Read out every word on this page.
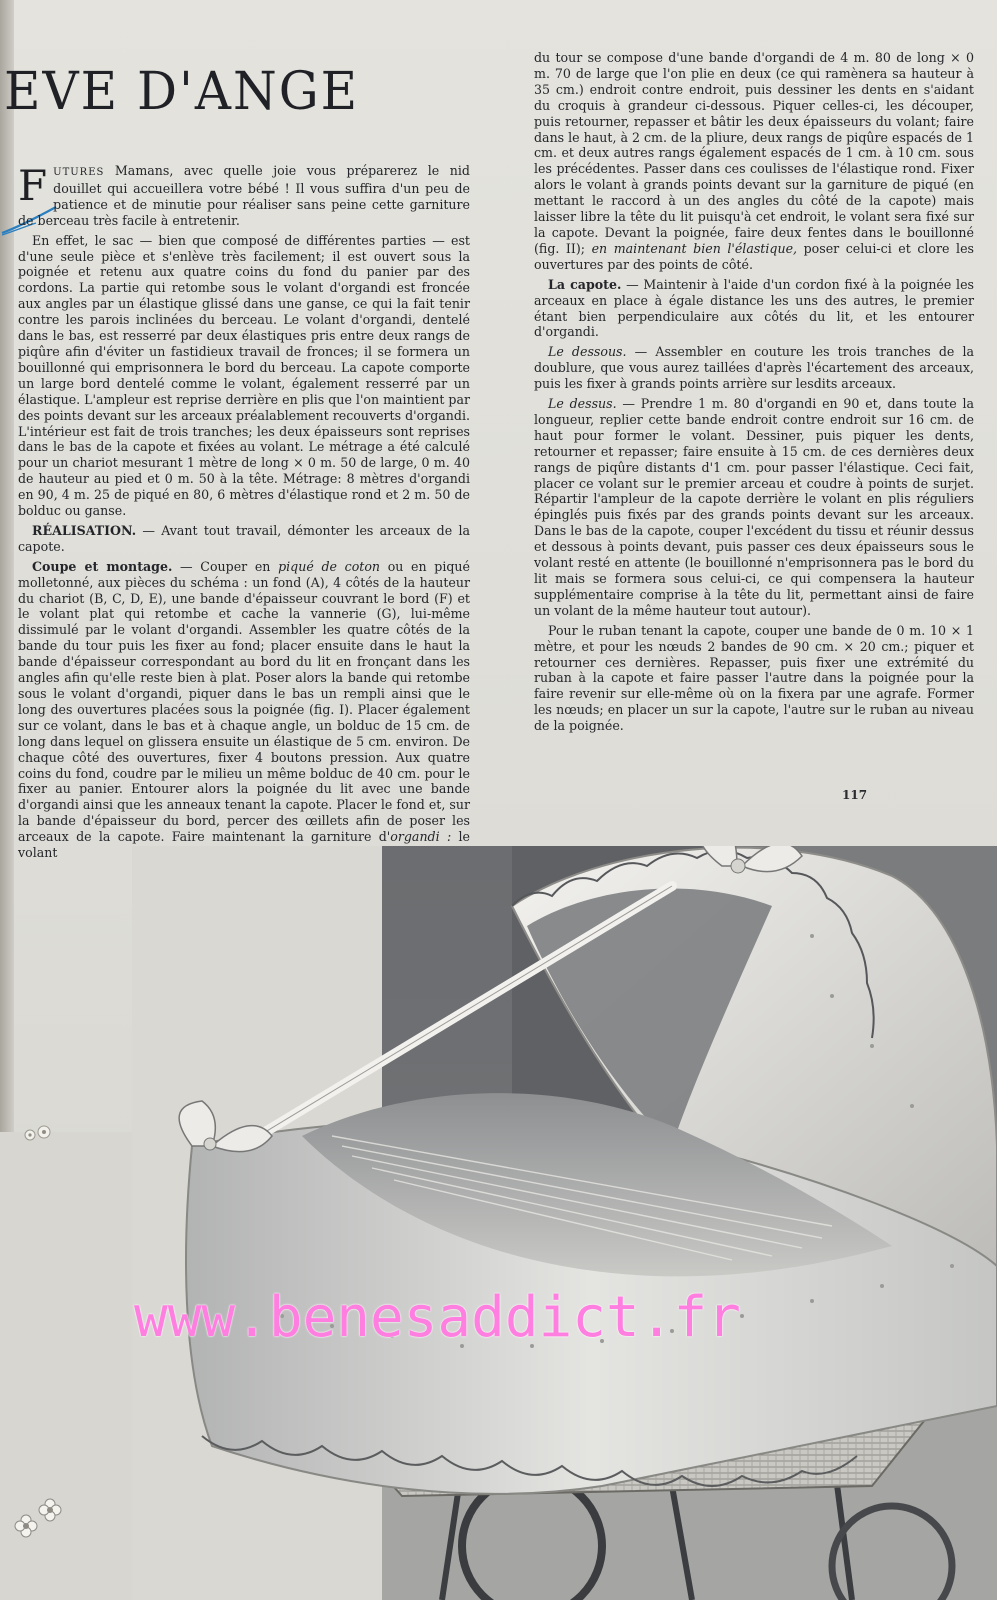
EVE D'ANGE

FUTURES Mamans, avec quelle joie vous préparerez le nid douillet qui accueillera votre bébé ! Il vous suffira d'un peu de patience et de minutie pour réaliser sans peine cette garniture de berceau très facile à entretenir.

En effet, le sac — bien que composé de différentes parties — est d'une seule pièce et s'enlève très facilement; il est ouvert sous la poignée et retenu aux quatre coins du fond du panier par des cordons. La partie qui retombe sous le volant d'organdi est froncée aux angles par un élastique glissé dans une ganse, ce qui la fait tenir contre les parois inclinées du berceau. Le volant d'organdi, dentelé dans le bas, est resserré par deux élastiques pris entre deux rangs de piqûre afin d'éviter un fastidieux travail de fronces; il se formera un bouillonné qui emprisonnera le bord du berceau. La capote comporte un large bord dentelé comme le volant, également resserré par un élastique. L'ampleur est reprise derrière en plis que l'on maintient par des points devant sur les arceaux préalablement recouverts d'organdi. L'intérieur est fait de trois tranches; les deux épaisseurs sont reprises dans le bas de la capote et fixées au volant. Le métrage a été calculé pour un chariot mesurant 1 mètre de long × 0 m. 50 de large, 0 m. 40 de hauteur au pied et 0 m. 50 à la tête. Métrage: 8 mètres d'organdi en 90, 4 m. 25 de piqué en 80, 6 mètres d'élastique rond et 2 m. 50 de bolduc ou ganse.

RÉALISATION. — Avant tout travail, démonter les arceaux de la capote.

Coupe et montage. — Couper en piqué de coton ou en piqué molletonné, aux pièces du schéma : un fond (A), 4 côtés de la hauteur du chariot (B, C, D, E), une bande d'épaisseur couvrant le bord (F) et le volant plat qui retombe et cache la vannerie (G), lui-même dissimulé par le volant d'organdi. Assembler les quatre côtés de la bande du tour puis les fixer au fond; placer ensuite dans le haut la bande d'épaisseur correspondant au bord du lit en fronçant dans les angles afin qu'elle reste bien à plat. Poser alors la bande qui retombe sous le volant d'organdi, piquer dans le bas un rempli ainsi que le long des ouvertures placées sous la poignée (fig. I). Placer également sur ce volant, dans le bas et à chaque angle, un bolduc de 15 cm. de long dans lequel on glissera ensuite un élastique de 5 cm. environ. De chaque côté des ouvertures, fixer 4 boutons pression. Aux quatre coins du fond, coudre par le milieu un même bolduc de 40 cm. pour le fixer au panier. Entourer alors la poignée du lit avec une bande d'organdi ainsi que les anneaux tenant la capote. Placer le fond et, sur la bande d'épaisseur du bord, percer des œillets afin de poser les arceaux de la capote. Faire maintenant la garniture d'organdi : le volant

du tour se compose d'une bande d'organdi de 4 m. 80 de long × 0 m. 70 de large que l'on plie en deux (ce qui ramènera sa hauteur à 35 cm.) endroit contre endroit, puis dessiner les dents en s'aidant du croquis à grandeur ci-dessous. Piquer celles-ci, les découper, puis retourner, repasser et bâtir les deux épaisseurs du volant; faire dans le haut, à 2 cm. de la pliure, deux rangs de piqûre espacés de 1 cm. et deux autres rangs également espacés de 1 cm. à 10 cm. sous les précédentes. Passer dans ces coulisses de l'élastique rond. Fixer alors le volant à grands points devant sur la garniture de piqué (en mettant le raccord à un des angles du côté de la capote) mais laisser libre la tête du lit puisqu'à cet endroit, le volant sera fixé sur la capote. Devant la poignée, faire deux fentes dans le bouillonné (fig. II); en maintenant bien l'élastique, poser celui-ci et clore les ouvertures par des points de côté.

La capote. — Maintenir à l'aide d'un cordon fixé à la poignée les arceaux en place à égale distance les uns des autres, le premier étant bien perpendiculaire aux côtés du lit, et les entourer d'organdi.

Le dessous. — Assembler en couture les trois tranches de la doublure, que vous aurez taillées d'après l'écartement des arceaux, puis les fixer à grands points arrière sur lesdits arceaux.

Le dessus. — Prendre 1 m. 80 d'organdi en 90 et, dans toute la longueur, replier cette bande endroit contre endroit sur 16 cm. de haut pour former le volant. Dessiner, puis piquer les dents, retourner et repasser; faire ensuite à 15 cm. de ces dernières deux rangs de piqûre distants d'1 cm. pour passer l'élastique. Ceci fait, placer ce volant sur le premier arceau et coudre à points de surjet. Répartir l'ampleur de la capote derrière le volant en plis réguliers épinglés puis fixés par des grands points devant sur les arceaux. Dans le bas de la capote, couper l'excédent du tissu et réunir dessus et dessous à points devant, puis passer ces deux épaisseurs sous le volant resté en attente (le bouillonné n'emprisonnera pas le bord du lit mais se formera sous celui-ci, ce qui compensera la hauteur supplémentaire comprise à la tête du lit, permettant ainsi de faire un volant de la même hauteur tout autour).

Pour le ruban tenant la capote, couper une bande de 0 m. 10 × 1 mètre, et pour les nœuds 2 bandes de 90 cm. × 20 cm.; piquer et retourner ces dernières. Repasser, puis fixer une extrémité du ruban à la capote et faire passer l'autre dans la poignée pour la faire revenir sur elle-même où on la fixera par une agrafe. Former les nœuds; en placer un sur la capote, l'autre sur le ruban au niveau de la poignée.

117
www.benesaddict.fr
